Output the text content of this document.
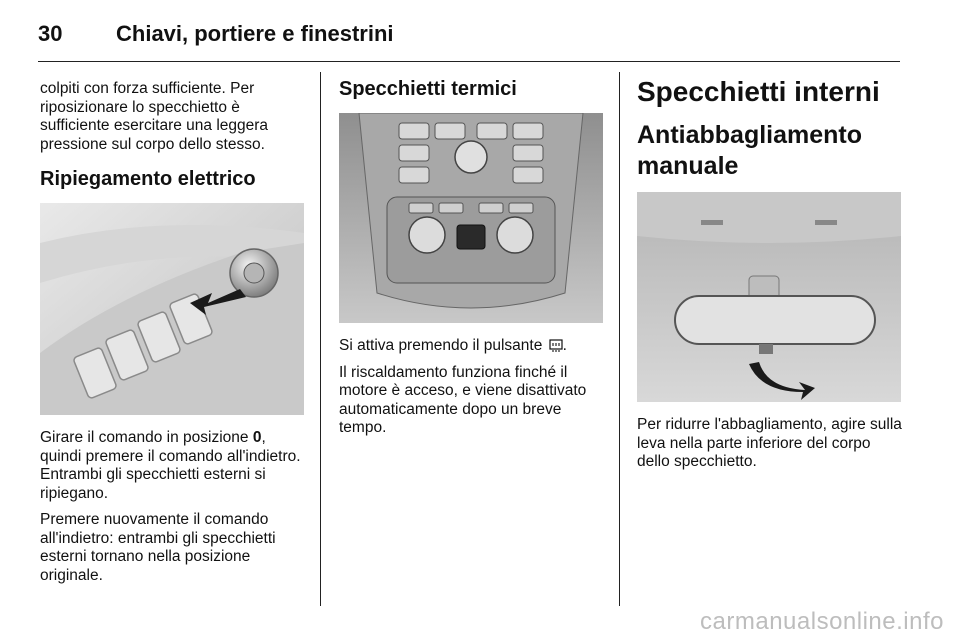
30	Chiavi, portiere e finestrini

colpiti con forza sufficiente. Per riposizionare lo specchietto è sufficiente esercitare una leggera pressione sul corpo dello stesso.

Ripiegamento elettrico

Girare il comando in posizione 0, quindi premere il comando all'indietro. Entrambi gli specchietti esterni si ripiegano.

Premere nuovamente il comando all'indietro: entrambi gli specchietti esterni tornano nella posizione originale.

Specchietti termici

Si attiva premendo il pulsante .

Il riscaldamento funziona finché il motore è acceso, e viene disattivato automaticamente dopo un breve tempo.

Specchietti interni
Antiabbagliamento manuale

Per ridurre l'abbagliamento, agire sulla leva nella parte inferiore del corpo dello specchietto.

carmanualsonline.info
